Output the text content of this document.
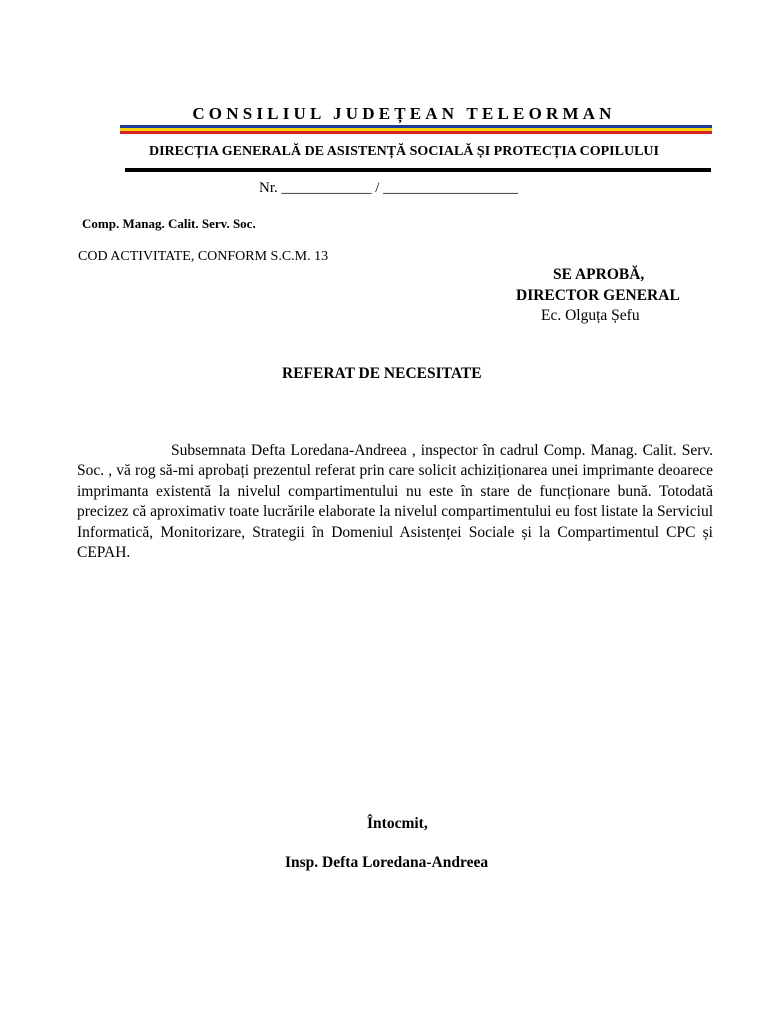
CONSILIUL JUDEȚEAN TELEORMAN
DIRECȚIA GENERALĂ DE ASISTENȚĂ SOCIALĂ ȘI PROTECȚIA COPILULUI
Nr. ____________ / __________________
Comp. Manag. Calit. Serv. Soc.
COD ACTIVITATE, CONFORM S.C.M. 13
SE APROBĂ,
DIRECTOR GENERAL
Ec. Olguța Șefu
REFERAT DE NECESITATE
Subsemnata Defta Loredana-Andreea , inspector în cadrul Comp. Manag. Calit. Serv. Soc. , vă rog să-mi aprobați prezentul referat prin care solicit achiziționarea unei imprimante deoarece imprimanta existentă la nivelul compartimentului nu este în stare de funcționare bună. Totodată precizez că aproximativ toate lucrările elaborate la nivelul compartimentului eu fost listate la Serviciul Informatică, Monitorizare, Strategii în Domeniul Asistenței Sociale și la Compartimentul CPC și CEPAH.
Întocmit,
Insp. Defta Loredana-Andreea
